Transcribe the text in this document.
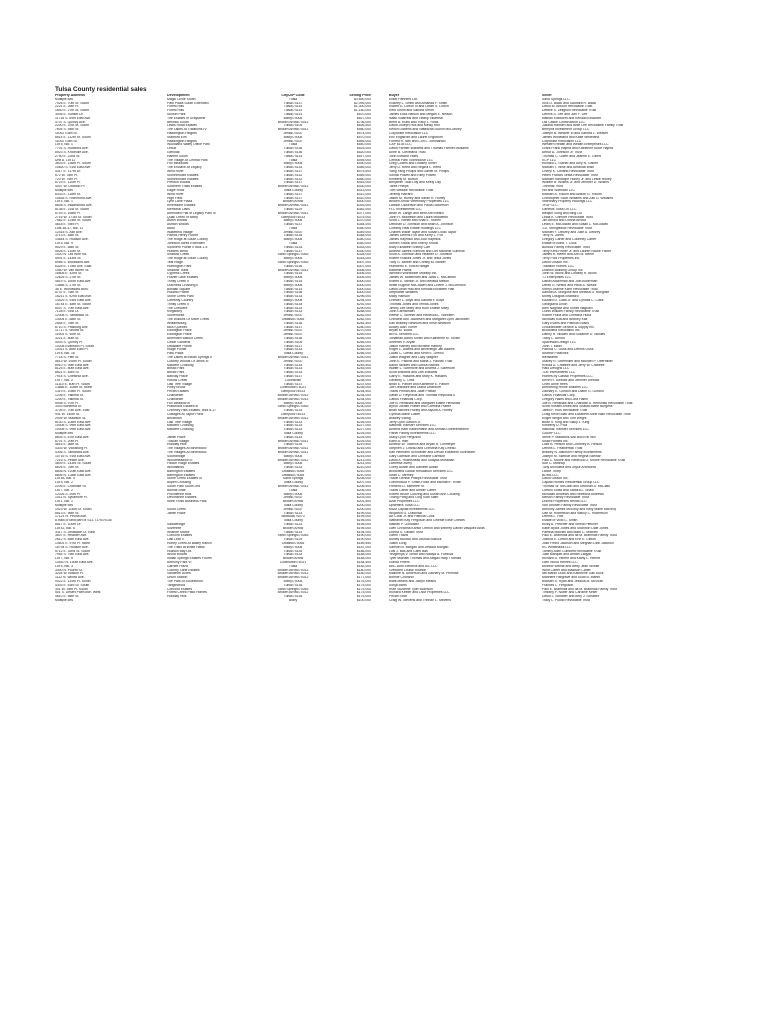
Tulsa County residential sales
Property Address	Development	City/ZIP Code	Selling Price	Buyer	Seller
Multiple lots	Magic Circle South	Tulsa	$3,650,000	Elliott Partners Ltd.	Sand Springs LLC
7026 E. 70th St. South	Park Plaza South Extended	Tulsa/74137	$2,095,000	Rodney L. Smith and Amanda F. Smith	Rick D. Black and Saundra R. Black
2221 E. 26th Pl.	Forest Hills	Tulsa/74114	$1,300,000	Robert E. Lorton III and Leslie S. Lorton	David M. Antoon Revocable Trust
1840 E. 27th St. South	Forest Hills	Tulsa/74114	$1,180,000	Reid Smith and Sandra Smith	Debbie S. Zeligson Revocable Trust
3006 E. Sunset Dr.	Sunset Park	Tulsa/74114	$870,000	James Elliot Nelson and Megan E. Nelson	Dennis S. Lee and Joni F. Lee
11716 S. 69th East Ave.	The Estates of Graystone	Bixby/74008	$827,000	Isaac Villarreal and Tiffany Villarreal	Nathan Ellsworth and Kendall Ellsworth
4707 S. Quincy Ave.	Berwick South	Broken Arrow/74011	$736,000	Brent A. Rubs and Tracy L. Rubs	Old Castle Construction LLC
2200 E. 37th St. South	Lewis Road Estates	Tulsa/74105	$626,500	David Joseph Hull and Mindy Hull	Juliana Hahnen and Billie Lee Revocable Family Trust
7604 S. 54th St.	The Lakes At Traditions IV	Broken Arrow/74011	$580,000	Kelton Dickens and Natascha Scovin McConkey	Berryhill Investment Group LLC
11002 Gum St.	Haddington Heights	Jenks/74037	$574,000	Corporate Relocation LLC	Joseph B. Weaver III and Sandra L. Weaver
6614 E. 112th St. South	Stanford Elm	Bixby/74008	$570,000	Eric Engstrom and Laurel Engstrom	James Whiteland and Katie Whiteland
11002 Gum St.	Haddington Heights	Jenks/74037	$565,000	Forrest R. Neil and Cori L. Ziemianski	Corporate Relocation LLC
Lot 5, Blk. 1	Woodland Valley Office Park	Tulsa	$540,000	CAP 6135 LLC	Western Health and Wealth Enterprises LLC
7701 S. Rockford Ave.	Orcutt	Tulsa/74136	$525,000	David Farmer-Williams and Thomas Farmer-Williams	Grant Frank Hajera and Katherine Nooe Hajera
8923 S. Knoxville Ave.	Glenoak	Tulsa/74136	$520,000	Anne B. Cleveland Trust	Arthur A. Johnson Jr. Trust
2750 E. 22nd St.	Harlem South	Tulsa/74114	$517,000	John Edward Yates	Thomas C. Gillert and Jeanne E. Gillert
Unit A, Lot 12	The Village At Central Park	Tulsa	$495,000	Central Park Townhouse LLC	VCP LLC
3603 E. 136th Pl. South	Fox Meadows	Bixby/74008	$490,000	Greg Collins and Lindsey Smith	Richard L. Gainer and Amy N. Gainer
10620 S. 91st East Ave.	The Enclave At Legacy	Tulsa/74133	$489,000	Jerry D. Reed and Regina L. Reed	Michael T. Wise and Amanda Wise
4317 E. 117th Dr.	Wind River	Tulsa/74137	$475,500	Yang Yang Philips and Daniel M. Philips	Cheryl K. Cleland Revocable Trust
672 W. 78th Pl.	Stonebrooke Estates	Tulsa/74132	$469,000	Sonda Powell and Riley Powell	Helen Francis Vesta Revocable Trust
720 W. 76th Pl.	Stonebrooke Estates	Tulsa/74132	$460,000	Kimberly M. Burton	Michael Randolph Honey Jr. and Leslie Honey
6723 E. 110th Pl.	Preston Woods	Tulsa/74137	$453,000	Benjamin Todd Lilly and Keely Lilly	William B. Wilkins Jr. and Jennifer D. Wilkins
4007 W. Orlando Pl.	Southern Trails Estates	Broken Arrow/74011	$430,000	Tarek Phelps	Thermal Trust
Multiple lots	Eagle Rock	Tulsa County	$413,000	Tom Weddle Revocable Trust	Hill and Sheridan LLC
6333 E. 118th St.	Wind River	Tulsa/74137	$412,000	Jeremy Harrard	Michael A. Yokum and Allison G. Yokum
10635 S. Richmond Ave.	High Field	Tulsa/74137	$410,000	Jason M. Hurley and Sarah R. Hurley	Christopher Scott Williams and Zan D. Williams
Lot 4, Blk. 1	Lynn Lane Plaza	Broken Arrow	$400,000	Broken Arrow Veterinary Properties LLC	Veterinary Property Holdings LLC
8608 S. Indianwood Ave.	Riverstone Estates	Broken Arrow/74011	$393,000	Landon Dickerson and Paula Dickerson	JFGP LLC
8138 E. 21st St. South	Memorial Oaks	Tulsa/74129	$382,000	FLC Investments LLC	Genesis Tulsa OK LLC
6743 S. 168th Pl.	Amended Plat of Legacy Park III	Broken Arrow/74011	$377,000	Brian W. Lange and Beth Ann Beard	Meajun Song and Bing Liu
2716 W. 171st St. South	Quail Creek of Bixby	Glenpool/74033	$375,000	John H. Middleton and Laura Middleton	Linda K. Gilmore Revocable Trust
7582 E. 124th St. South	Aston Woods	Bixby/74008	$370,000	Scott J. Nonell and Shari L. Nonell	Jim Arnold and Donna Arnold
4618 E. 93rd Pl.	Ashton Woods	Tulsa/74137	$354,000	Deborah D. Johnson and Brian A. Johnson	Lewis E. McGowan and Susan L. McGowan
Lots 36-37, Blk. 11	Abdo	Tulsa	$350,000	Cowboy Real Estate Holdings LLC	J.D. Stringfellow Revocable Trust
12415 S. Ash Ave.	Wakefield Village	Jenks/74037	$349,000	Charles Wade Taylor and Susan Dodd Taylor	Michael F. DeBrey and Julie A. DeBrey
3713 E. 48th St.	Patrick Henry Fourth	Tulsa/74135	$348,000	James Dennis Fox and Kerry L. Fox	Terry N. Jones
14644 S. Hudson Ave.	The Ridge at South County	Bixby/74008	$340,000	James Raymick and Jodi Raymick	Gregory Carter and Courtney Carter
Lot 5, Blk. 9	Johnson Acres Extended	Tulsa	$340,000	Steven Shook and Sherry Shook	Estate of Bond T. Cook
5529 E. 68th St.	Southern Pointe II Blks 1-5	Tulsa/74133	$333,000	Mary Elizabeth Shelby Carr	Burdick Family Revocable Trust
5928 E. 110th St.	Hunters Bend	Tulsa/74137	$330,000	Andrew James Sumrow and Lori Michelle Sumrow	Terry Kent Fisher Jr. and Lauren Nicole Fisher
1420 N. Old Wire Rd.	Shadow Creek	Sand Springs/74063	$328,000	Scott A. Johnson and Heather D. Johnson	James R. Beem and Ann M. Beem
5901 E. 143rd St.	The Ridge at South County	Bixby/74008	$318,000	Robert Russell Jones Jr. and Tesia Jones	Terry Pool Properties Inc.
6066 S. Woodland Ave.	Teal Ridge	Sand Springs/74063	$307,000	Toby G. Barber and Christy M. Barber	David Olsson Inc.
6328 E. 178th Ave. East	Huntington Park	Tulsa/74136	$307,000	Humberto E. Elvira Rangel	Tradition Homes LLC
1060 W. Van Buren St.	Shadow Trails	Broken Arrow/74011	$306,000	Michelle Harris	Dodson Building Group Inc.
16805 E. 42nd St.	Cypress Creek	Tulsa/74134	$306,000	Wexford Worldwide Mobility Inc.	John W. Blunk and Lindsey R. Blunk
12625 S. 27th St.	Frazier Lake Estates	Bixby/74008	$305,000	James W. Mottelham and Janis L. McClellan	TJ Enterprises LLC
4819 S. 160th East Ave.	Trinity Creek II	Tulsa/74134	$300,000	Robert E. Melton Jr. and Melissa Melton	Daniel Ackerman and Joel Ackerman
13668 S. 27th St.	Dutchess Crossing II	Bixby/74008	$300,000	Israel Eugene McCraden and Cherie J. McClendon	Derek G. Nestor and Heidi A. Nestor
38 E. Woodward Blvd.	Bostian Square	Tulsa/74114	$300,000	David Dean Hall and Kendall Elizabeth Hall	Sheryl Jeanne Kline Revocable Trust
5737 E. 76th St.	Holland Pointe	Tulsa/74136	$300,000	Stephanie Williams	Samuel A. Morgose and Melissa D. Morgose
16211 S. 92nd East Ave.	Stone Creek Park	Tulsa/74133	$296,000	Macy Hanson	Monty Douglas Bradford
14429 S. 93rd East Ave.	Celebrity Country	Bixby/74008	$294,000	Chester L. Boyd and Sandra F. Boyd	Edward D. Clark Jr. and Cynthia C. Clark
16744 E. 48th St. South	Trinity Creek II	Tulsa/74134	$292,000	Thomas Jones and Tenitia Jones	Georgiana Dixon
8007 S. 70th East Ave.	The Crescent	Tulsa/74133	$290,000	Jimmy Lee Miley and Ruth Estelle Miley	Aleh Naghavi and Soheil Naghavi
7128 E. 91st Ct.	Kingsbury	Tulsa/74133	$288,000	John Carmichael	Curtis William Family Revocable Trust
12008 S. Tamarack St.	Stonehorse	Jenks/74037	$282,000	Reese C. Skinner and Rebecca L. Northern	Robert Hurla and Christina Hurla
14004 E. 88th St.	The Willows Of Silver Creek	Owasso/74055	$282,000	Christine Ann Jacobsen and Margaret Lynn Jacobsen	Nicholas Kila and Brittney Kila
2844 E. 76th St.	Williamsburg	Tulsa/74136	$281,500	Earl Bradley Newsom and Kristi Newsom	Gary Evans and Patricia Evans
8710 S. Pittsburg Ave.	8800 Quebec	Tulsa/74137	$280,000	Ackley Alan Turner	Groundwater Service & Supply Inc.
11717 S. Willow St.	Eddington Place	Jenks/74037	$270,000	Bryan M. Wood	Brookfield Relocation Inc.
11904 S. Vine St.	Eddington Place	Jenks/74037	$269,000	BERL Services LLC	Danny R. Nickles and Suzanne D. Nickles
3221 E. 80th St.	Amended Walnut Creek	Tulsa/74136	$265,000	Jonathan Aaron Schell and Katherine M. Schell	Tracy L. Arnold
4003 S. Quincy Pl.	Cedar Gardens	Tulsa/74105	$265,000	Sheeran V. Aryan	Spacewall Design LLC
10208 Evanston Pl. South	Delaware Pointe	Tulsa/74137	$263,000	Jason Harbey and Michelle Harbey	John T. Miller
10011 S. 88th East Pl.	Ridge Pointe	Tulsa/74133	$258,000	Roger L. Adams and Beverleigh Jan Adams	Patricia C. Guss and Dennis Guss
Lot 8, Blk. 16	Park Plaza	Tulsa County	$256,000	Lucas C. Greiso and Keith E. Greiso	Andrew Polachek
7718 S. Fifth St.	The Lakes at Indian Springs II	Broken Arrow/74011	$250,000	Justin Wagner and Lacy Wagner	Ibersitants
5613 W. 106th Pl. South	Country Woods Of Jenks III	Jenks/74037	$249,000	John E. Palovik and Maria J. Palovik Trust	Stacey R. Obermiller and Michael P. Obermiller
8910 S. 99th East Ave.	Millicent Crossing	Tulsa/74133	$245,500	Aaron Nickles and Lubica Nickles	Ronda D. Crabtree and Jerry W. Crabtree
8125 E. 80th East Ave.	Bristol Park	Tulsa/74133	$245,000	Walter L. Sizemore and Andrea J. Sizemore	Halo Designs LLC
8621 E. 83rd St.	Bristol Park	Tulsa/74133	$240,000	Scott Williams and Zan Williams	TDE Investments LLC
7914 S. Chestnut Ave.	Barclay Place	Tulsa/74137	$239,000	Garry E. Haskins and Mary K. Haskins	Homes by Classic Properties LLC
Lot 7, Blk. 2	Hollow Creek	Collinsville	$238,000	Geoffrey C. Ortiz	Kevin R. Diebold and Jennifer Diebold
11110 E. 80th Pl. South	Oak Tree Village	Tulsa/74137	$237,000	Brian E. Parker and Katherine E. Parker	Chen Anne Rees
13666 E. 108th St. North	Piney Brook	Collinsville/74021	$236,000	Joe Deardorff and Diana Deardorff	Armstrong Home Builders LLC
1319 E. 108th Pl. South	Pecan Estates	Glenpool/74033	$234,500	Travis Phelan and Jade Phelan	Zachary E. Gordon and Diane G. Gordon
1206 E. Yakima St.	Chandelier	Broken Arrow/74012	$234,000	Sarah D. Reynolds and Thomas Reynolds II	Carlus Financial Corp.
1200 E. Yakima St.	Chandelier	Broken Arrow/74012	$234,000	Carlus Financial Corp.	Gregory Hales and Lora Hales
5908 S. 97th Pl.	Fox Meadow III	Bixby/74008	$233,000	Joe B. Henshaw and Margaret Elaine Henshaw	Joe B. Henshaw and Charlotte A. Henshaw Revocable Trust
3303 Bohemia Dr.	Prattwood Estates III	Sand Springs/74063	$230,000	Byron Jordan Platter and Carmina Platter	Scott Russell Arnett and Shasta Marie Burgess
3705 E. 70th Ave. East	Chimney Hills Estates, Blks 8-17	Tulsa/74133	$229,000	Brian Mitchell Hurley and Alysha A. Hurley	Jared F. Rios Revocable Trust
941 W. 140th St.	Cottages At Taylor Pond	Glenpool/74033	$229,000	Cynthia Marie Luster	Craig Kevin Blair and Elizabeth Anne Blair Revocable Trust
2905 W. Madison St.	Bricktown	Broken Arrow/74012	$226,000	Bradley Ewing	Roger Wright and Tom Wright
8130 S. 108th East Ave.	Oak Tree Village	Tulsa/74133	$226,000	Jerry Lynn Gaston Jr.	Brian S. King and Stacy L. King
10008 S. 99th East Ave.	Millicent Crossing	Tulsa/74133	$227,000	National Transfer Services LLC	Kimberly D. Pool
10008 S. 99th East Ave.	Millicent Crossing	Tulsa/74133	$227,000	Andrea Harb Kaltenmann and Ahmad Ghebremedhin	National Transfer Services LLC
Multiple lots		Tulsa County	$225,000	Fisher Family Investments LLC	GADbP LLC
8605 S. 67th East Ave.	Jamel Place	Tulsa/74133	$225,000	Stacy Lynn Ferguson	Steve P. Madanos-Will and Eric Will
6701 S. 20th Pl.	Tuscan Village	Broken Arrow/74011	$225,000	Eden A. Hart	Shaw Homes Inc.
4616 E. 56th St.	Holliday Hills	Tulsa/74135	$219,500	Andrew W. Townhis and Bryan R. Lohmeyer	Luke B. Hinson and Courtney B. Hinson
4303 W. Vicksburg Pl.	The Villages At Birchwood	Broken Arrow/74011	$216,000	Stephen J. Lintrau and Christina Kay Lintrau	Dennis L. Featherstill Trust
4306 S. Tamarack Ave.	The Villages At Birchwood	Broken Arrow/74011	$216,000	Karl Hermann Schroeder and Devan Elizabeth Schroeder	Bradley N. Atkinson Family Investments
10716 S. 91st East Ave.	Southbridge	Bixby/74008	$215,000	Gary Garrison and Christine Garrison	Joseph M. Skelnar and Regina Skelnar
7216 S. Peach Ave.	Woodmeadow III	Broken Arrow/74012	$213,000	David A. Hollinshead and Shayda Moradian	Paul C. Moore and Rebecca G. Moore Revocable Trust
4609 E. 143rd St. South	Falcon Ridge Estates	Bixby/74008	$211,000	LaReese Avery	Sue C. Mitchup
8626 E. 76th St.	Woodlands	Tulsa/74133	$210,000	Corey Austin and Danielle Austin	Tony Archuleta and Joyce Archuleta
8806 N. 120th East Ave.	Barrington Estates	Owasso/74055	$210,000	Brookfield Global Relocation Services LLC	Lance Thorp
8806 N. 134th East Ave.	Barrington Estates	Owasso/74055	$210,000	Sean C. Merney	BDRB LLC
Lot 48, Blk. 4	Stone Creek Estates III	Sand Springs	$208,000	Tracie Denise Phillips Revocable Trust	David Olsson Inc.
Lot 5, Blk. 2	Aspen Crossing	Tulsa County	$207,000	Connecticut P. Smith-Rose and Michael F. Rose	Capital Homes Residential Group LLC
2206 E. Charlotte St.	South Park South 2nd	Broken Arrow/74011	$206,500	Frederic D. Menefee Sr.	Thomas W. McClain and Deborah A. McClain
Lot 7, Blk. 2	Bonnie Brae	Tulsa	$206,000	Travis Carter and Amber Carter	Clifford Shaw and Sandra L. Shaw
12026 S. 20th Pl.	Providence Hills	Bixby/74008	$205,000	Robert Bruce Couzing and Susan Ann Couzing	Nicholas Andrews and Rebecca Andrews
1011 N. Sycamore Pl.	Devonshire Estates	Jenks/74037	$203,000	Thang Pang and Cing Sian Siam	Nelson Family Revocable Trust
Lot 1, Blk. 1	North Ross Business Park	Broken Arrow	$201,500	Azar Properties LLC	Dunhill Properties Rental LLC
Multiple lots		Tulsa County	$200,000	Upsetters Tulsa LLC	Van Deusen Family Revocable Trust
1923 W. 116th St. South	South Creek	Jenks/74037	$200,000	M&M Capital Investments LLC	Anthony James McElroy and Kelly Marie McElroy
6613 E. 96th St.	Jamel Place	Tulsa/74133	$199,000	Wojciech G. Dubovski	Dan M. Robertson and Nancy C. Robertson
17121 N. Peoria Ave.		Skiatook/74070	$199,000	Art Cook Jr. and Patricia Cook	Dennis L. Holt
A tract of land part of S11-T17N-R13E		Tulsa County	$195,000	Nathaniel Kay Ferguson and Celeste Elise Chewis	Estate of Vicki C. Smith
8817 E. 100th Dr.	Saddleridge	Tulsa/74133	$195,000	Nathan P. Gonzalez	Ricky A. Pletcher and Sheila Pletcher
Lot 42, Blk. 8	Silvertree	Broken Arrow	$195,000	Glen Christina Kantor Lebrun and Winfrey Daniel Vasquez Arias	Katie Illycot Jones and Shannon Dale Jones
3317 S. Delaware Ct. East	Wilshire Manor	Tulsa/74114	$194,000	Donna S. Gilliam Trust	Pamela Mitchell and Mark C. Mitchell
3607 E. Heather Ave.	Concord Estates	Sand Springs/74063	$190,000	Glenn Travis	Paul E. Bramhall and Ila M. Bramhall Family Trust
2612 S. 85th East Ave.	Oak Leaf II	Tulsa/74129	$190,000	Ashley Bullock and Joshua Bullock	Joshua E. Clifton and Erin E. Clifton
10601 E. 97th Pl. North	Honey Creek At Bailey Ranch	Owasso/74055	$189,550	Justin Long	Josh Pedro Jackson and Meghan Dion Jackson
16794 S. Hudson Ave.	The Trails at White Hawk	Bixby/74008	$187,000	Samuel B. Morgan and Jessica Morgan	RC Whitehawk LLC
5712 E. 32nd St. South	Hudson Bay Ltd.	Tulsa/74135	$186,000	Luis J. Bas and Cami Bas	Tommy Allen Cumbest Revocable Trust
7954 S. 76th East Ave.	Wood Hollow	Tulsa/74133	$185,000	Yevgeniya V. Smith and Nadiya A. Fostova	Julie Marquet and Amran Zaqyar
Lot 7, Blk. 5	Indian Springs Estates Fourth	Broken Arrow	$185,000	Tyler Michael Thomas and Abigail Harp Thomas	Richard D. Herme and Kathy L. Herme
13510 N. 130th East Ave.	Anthony Park VI	Collinsville/74021	$184,500	Donna Peters	Glen Wood Homes LLC
Lot 5, Blk. 3	Garnett Plaza	Tulsa	$182,000	ABC Auto Electrics and A/C LLC	Andrew Wilhite and Betty Jean Wilhite
3300 N. Fourth St.	Country Lane Estates	Broken Arrow/74012	$180,000	Gretchen Louise Rowton	Whitt Carter and Madison Carter
3204 W. Boston Pl.	Vandever Acres	Broken Arrow/74012	$180,000	Mallorie N. Anderson and Zachery M. Penrose	Ian Marsh Duck and Katherine Gail Duck
1112 N. Willow Ave.	Union Station	Broken Arrow/74012	$177,000	Bonnie Churchill	Mannere Hargrave and Scott B. Martin
9022 E. 114th Pl. South	The Park At Southwood	Bixby/74008	$176,000	Mark Means and Jaclyn Means	Michael S. Ryan and Jessica M. McGrall
4303 E. 63rd St. South	Tanglewood	Tulsa/74135	$175,000	Sonja Barto	Frances L. Ferguson
301 W. 35th Pl. South	Concord Estates	Sand Springs/74063	$175,000	Ruth Suzanne Tyler Morrison	Paul E. Bramhall and Ila M. Bramhall Family Trust
501 S. Desert Palm Ave. West	Forest Creek Patio Homes	Broken Arrow/74012	$175,000	Richard Keeler and LNM Properties LLC	Timothy P. Nolter and Caroline Keller
4610 E. 56th St.	Holliday Hills	Tulsa/74135	$175,000	Pecan Straf	David J. Schaffer and Amy J. Schaffer
Multiple lots		Bixby	$100,000	Craig W. Stevens and Trinnan L. Stevens	Tracy L. Pulido Revocable Trust
